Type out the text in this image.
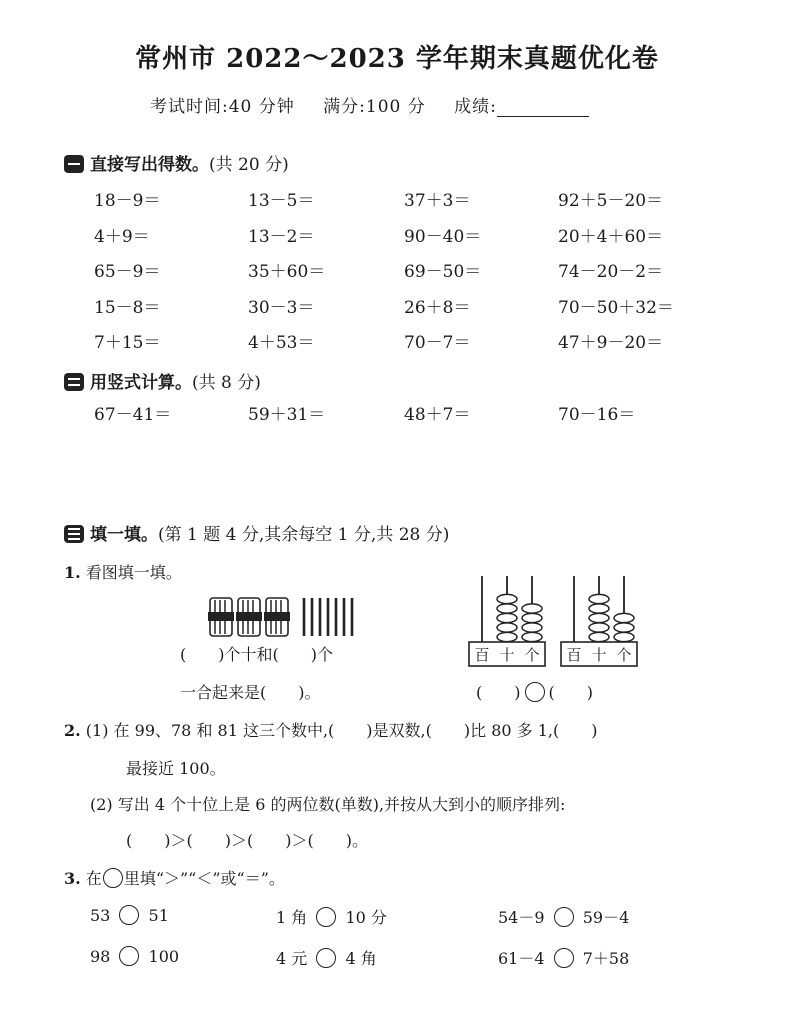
常州市 2022～2023 学年期末真题优化卷
考试时间:40 分钟 满分:100 分 成绩:
直接写出得数。(共 20 分)
18－9＝	13－5＝	37＋3＝	92＋5－20＝
4＋9＝	13－2＝	90－40＝	20＋4＋60＝
65－9＝	35＋60＝	69－50＝	74－20－2＝
15－8＝	30－3＝	26＋8＝	70－50＋32＝
7＋15＝	4＋53＝	70－7＝	47＋9－20＝
用竖式计算。(共 8 分)
67－41＝	59＋31＝	48＋7＝	70－16＝
填一填。(第 1 题 4 分,其余每空 1 分,共 28 分)
1. 看图填一填。
(　　)个十和(　　)个
一合起来是(　　)。
百 十 个 百 十 个
(　　) (　　)
2. (1) 在 99、78 和 81 这三个数中,(　　)是双数,(　　)比 80 多 1,(　　)
最接近 100。
(2) 写出 4 个十位上是 6 的两位数(单数),并按从大到小的顺序排列:
(　　)＞(　　)＞(　　)＞(　　)。
3. 在 里填“＞”“＜”或“＝”。
53 51	1 角 10 分	54－9 59－4
98 100	4 元 4 角	61－4 7＋58
